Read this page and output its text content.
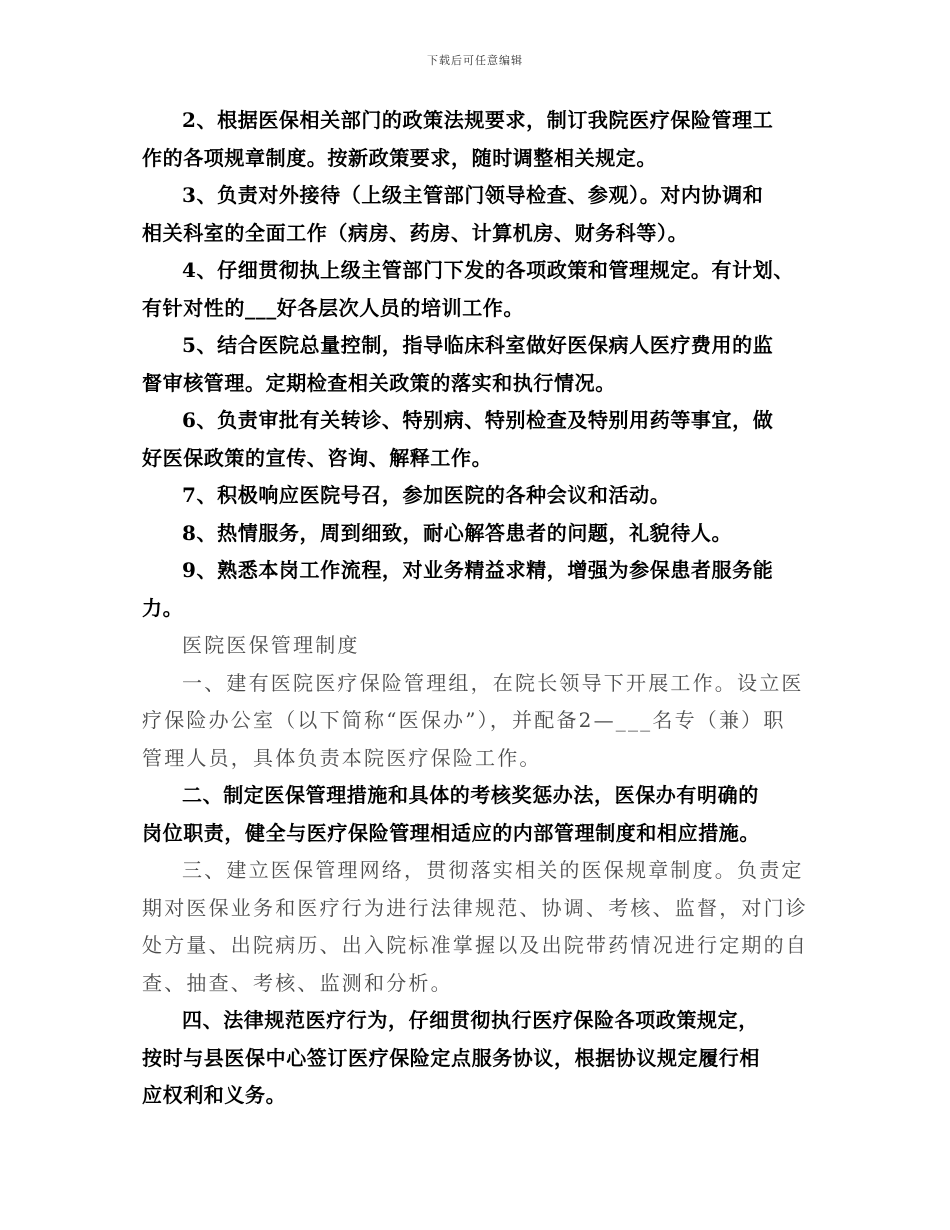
下载后可任意编辑
2、根据医保相关部门的政策法规要求，制订我院医疗保险管理工
作的各项规章制度。按新政策要求，随时调整相关规定。
3、负责对外接待（上级主管部门领导检查、参观）。对内协调和
相关科室的全面工作（病房、药房、计算机房、财务科等）。
4、仔细贯彻执上级主管部门下发的各项政策和管理规定。有计划、
有针对性的___好各层次人员的培训工作。
5、结合医院总量控制，指导临床科室做好医保病人医疗费用的监
督审核管理。定期检查相关政策的落实和执行情况。
6、负责审批有关转诊、特别病、特别检查及特别用药等事宜，做
好医保政策的宣传、咨询、解释工作。
7、积极响应医院号召，参加医院的各种会议和活动。
8、热情服务，周到细致，耐心解答患者的问题，礼貌待人。
9、熟悉本岗工作流程，对业务精益求精，增强为参保患者服务能
力。
医院医保管理制度
一、建有医院医疗保险管理组，在院长领导下开展工作。设立医
疗保险办公室（以下简称“医保办”），并配备2—___名专（兼）职
管理人员，具体负责本院医疗保险工作。
二、制定医保管理措施和具体的考核奖惩办法，医保办有明确的
岗位职责，健全与医疗保险管理相适应的内部管理制度和相应措施。
三、建立医保管理网络，贯彻落实相关的医保规章制度。负责定
期对医保业务和医疗行为进行法律规范、协调、考核、监督，对门诊
处方量、出院病历、出入院标准掌握以及出院带药情况进行定期的自
查、抽查、考核、监测和分析。
四、法律规范医疗行为，仔细贯彻执行医疗保险各项政策规定，
按时与县医保中心签订医疗保险定点服务协议，根据协议规定履行相
应权利和义务。
